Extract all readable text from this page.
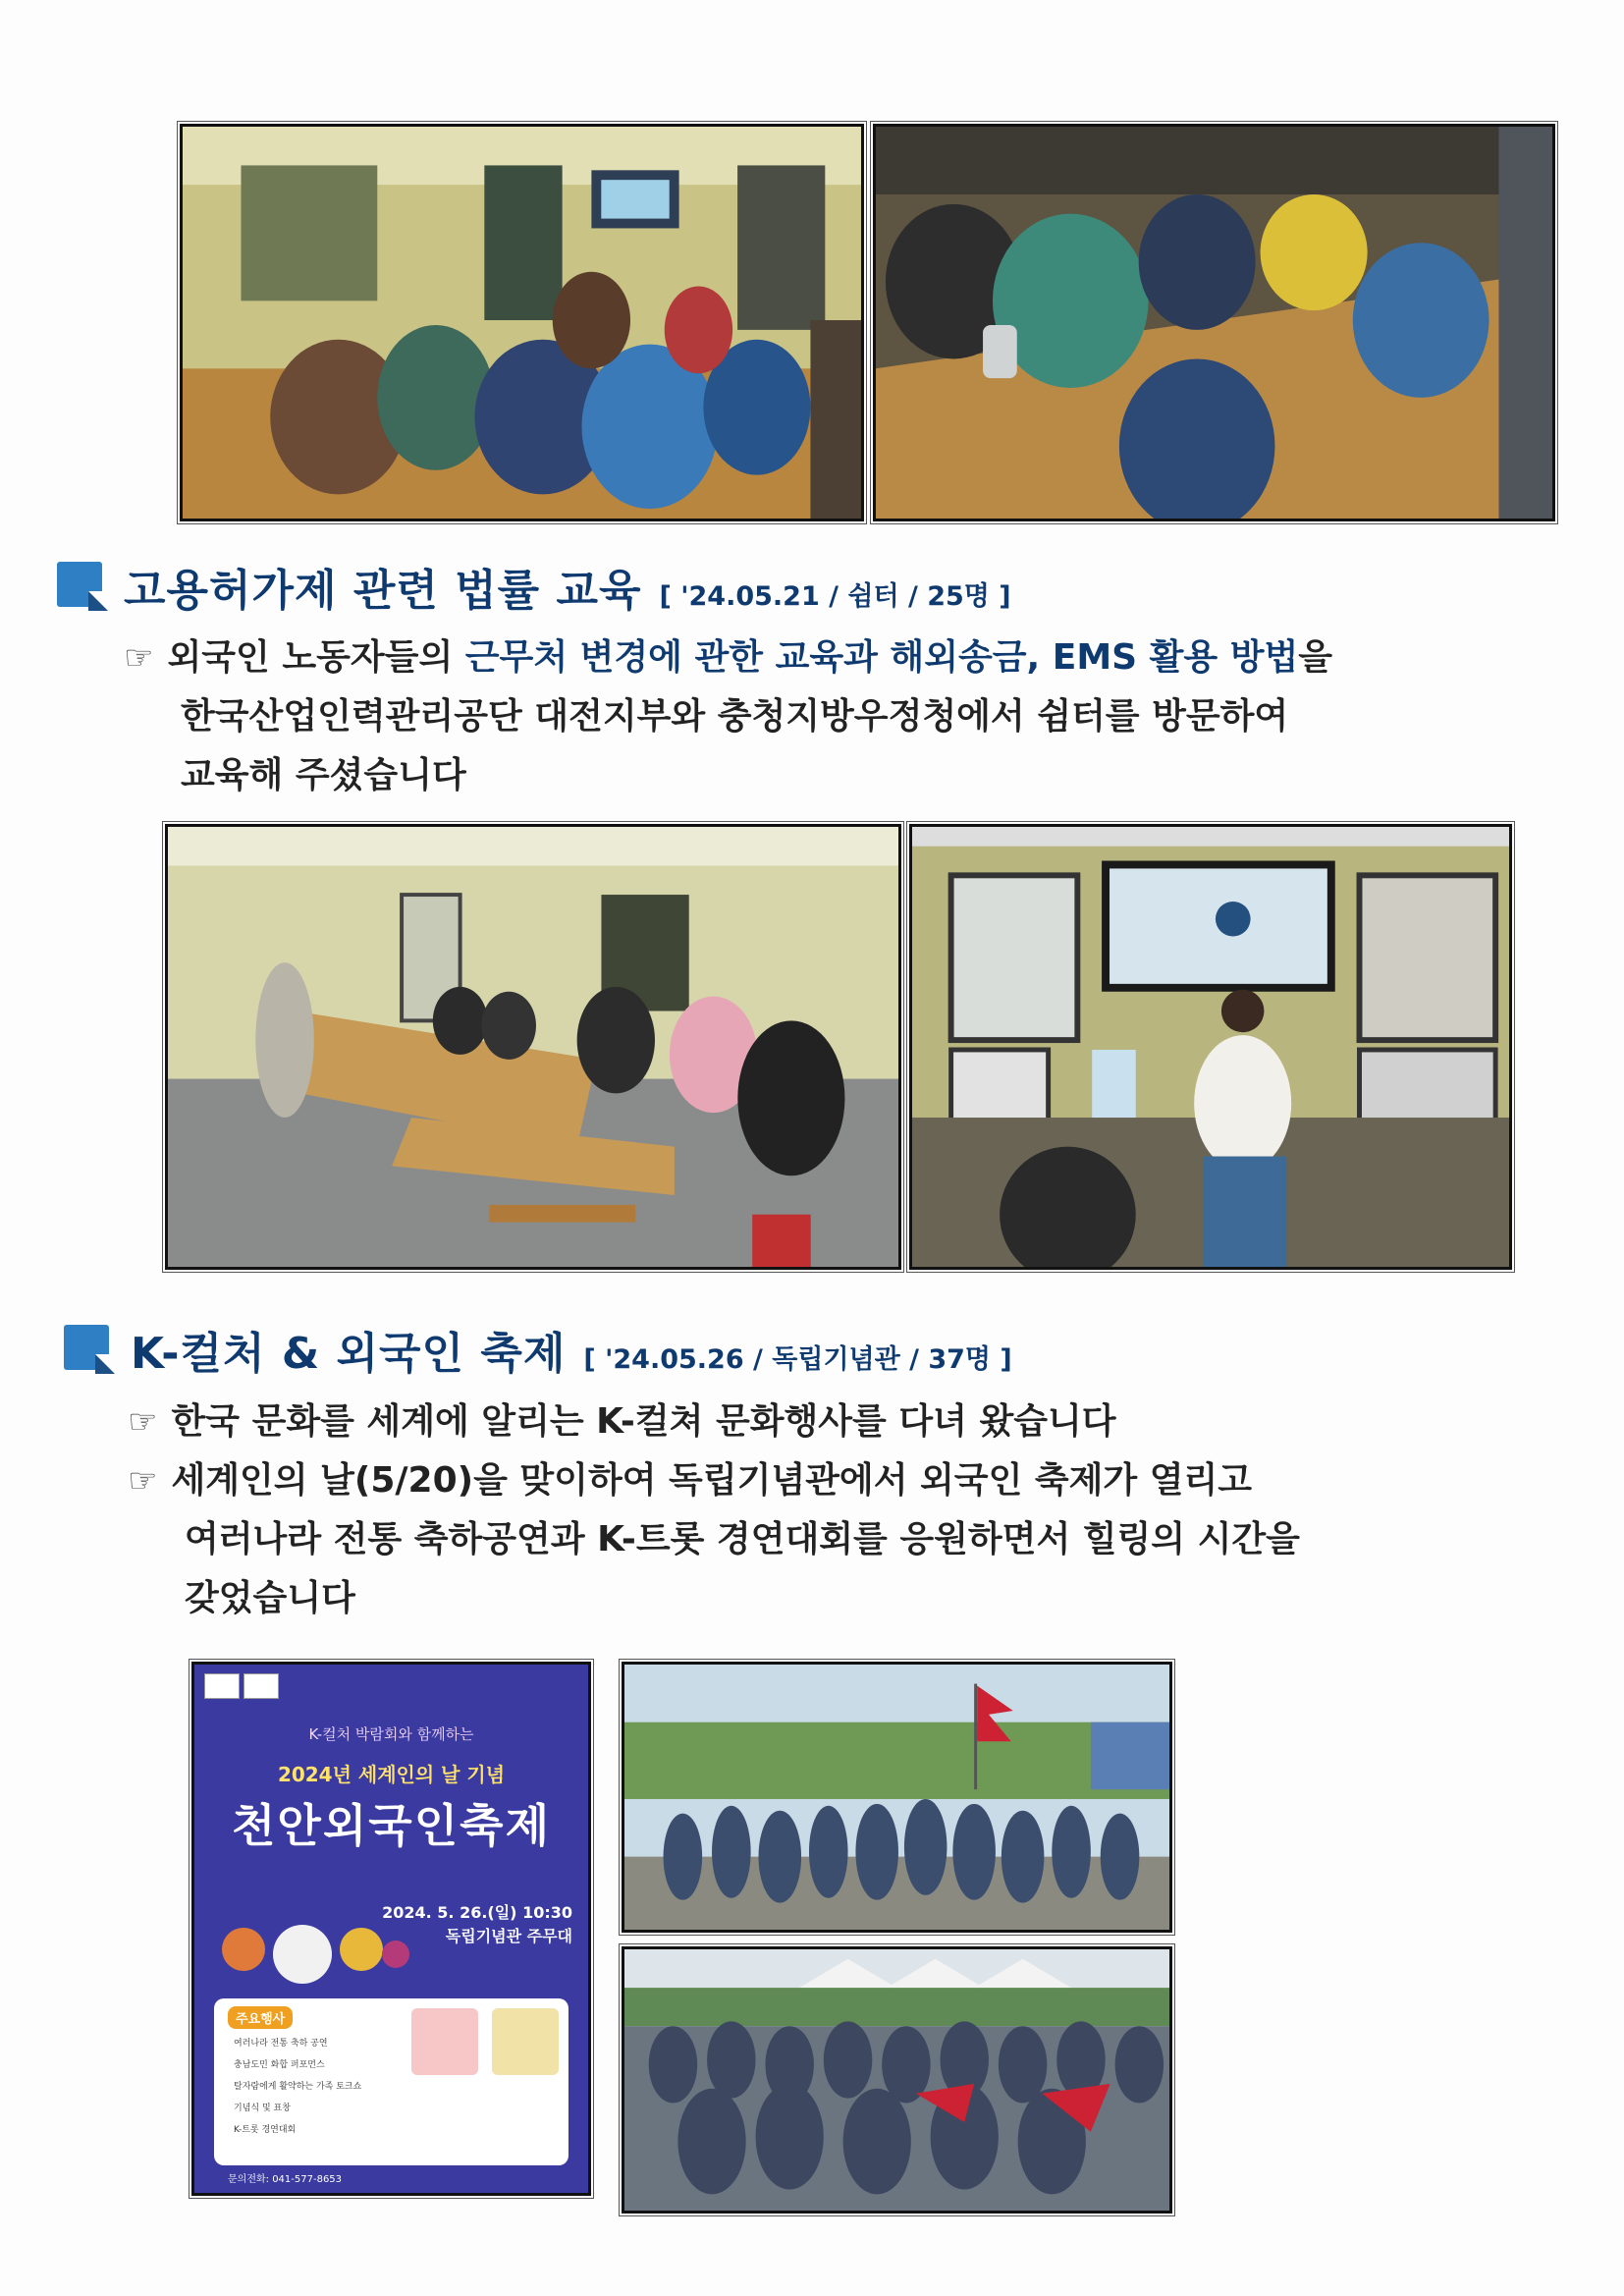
고용허가제 관련 법률 교육 [ '24.05.21 / 쉼터 / 25명 ]
☞ 외국인 노동자들의 근무처 변경에 관한 교육과 해외송금, EMS 활용 방법을
한국산업인력관리공단 대전지부와 충청지방우정청에서 쉼터를 방문하여
교육해 주셨습니다
K-컬처 & 외국인 축제 [ '24.05.26 / 독립기념관 / 37명 ]
☞ 한국 문화를 세계에 알리는 K-컬쳐 문화행사를 다녀 왔습니다
☞ 세계인의 날(5/20)을 맞이하여 독립기념관에서 외국인 축제가 열리고
여러나라 전통 축하공연과 K-트롯 경연대회를 응원하면서 힐링의 시간을
갖었습니다
K-컬처 박람회와 함께하는
2024년 세계인의 날 기념
천안외국인축제
2024. 5. 26.(일) 10:30
독립기념관 주무대
주요행사
여러나라 전통 축하 공연
충남도민 화합 퍼포먼스
탈자람에게 활약하는 가족 토크쇼
기념식 및 표창
K-트롯 경연대회
문의전화: 041-577-8653
